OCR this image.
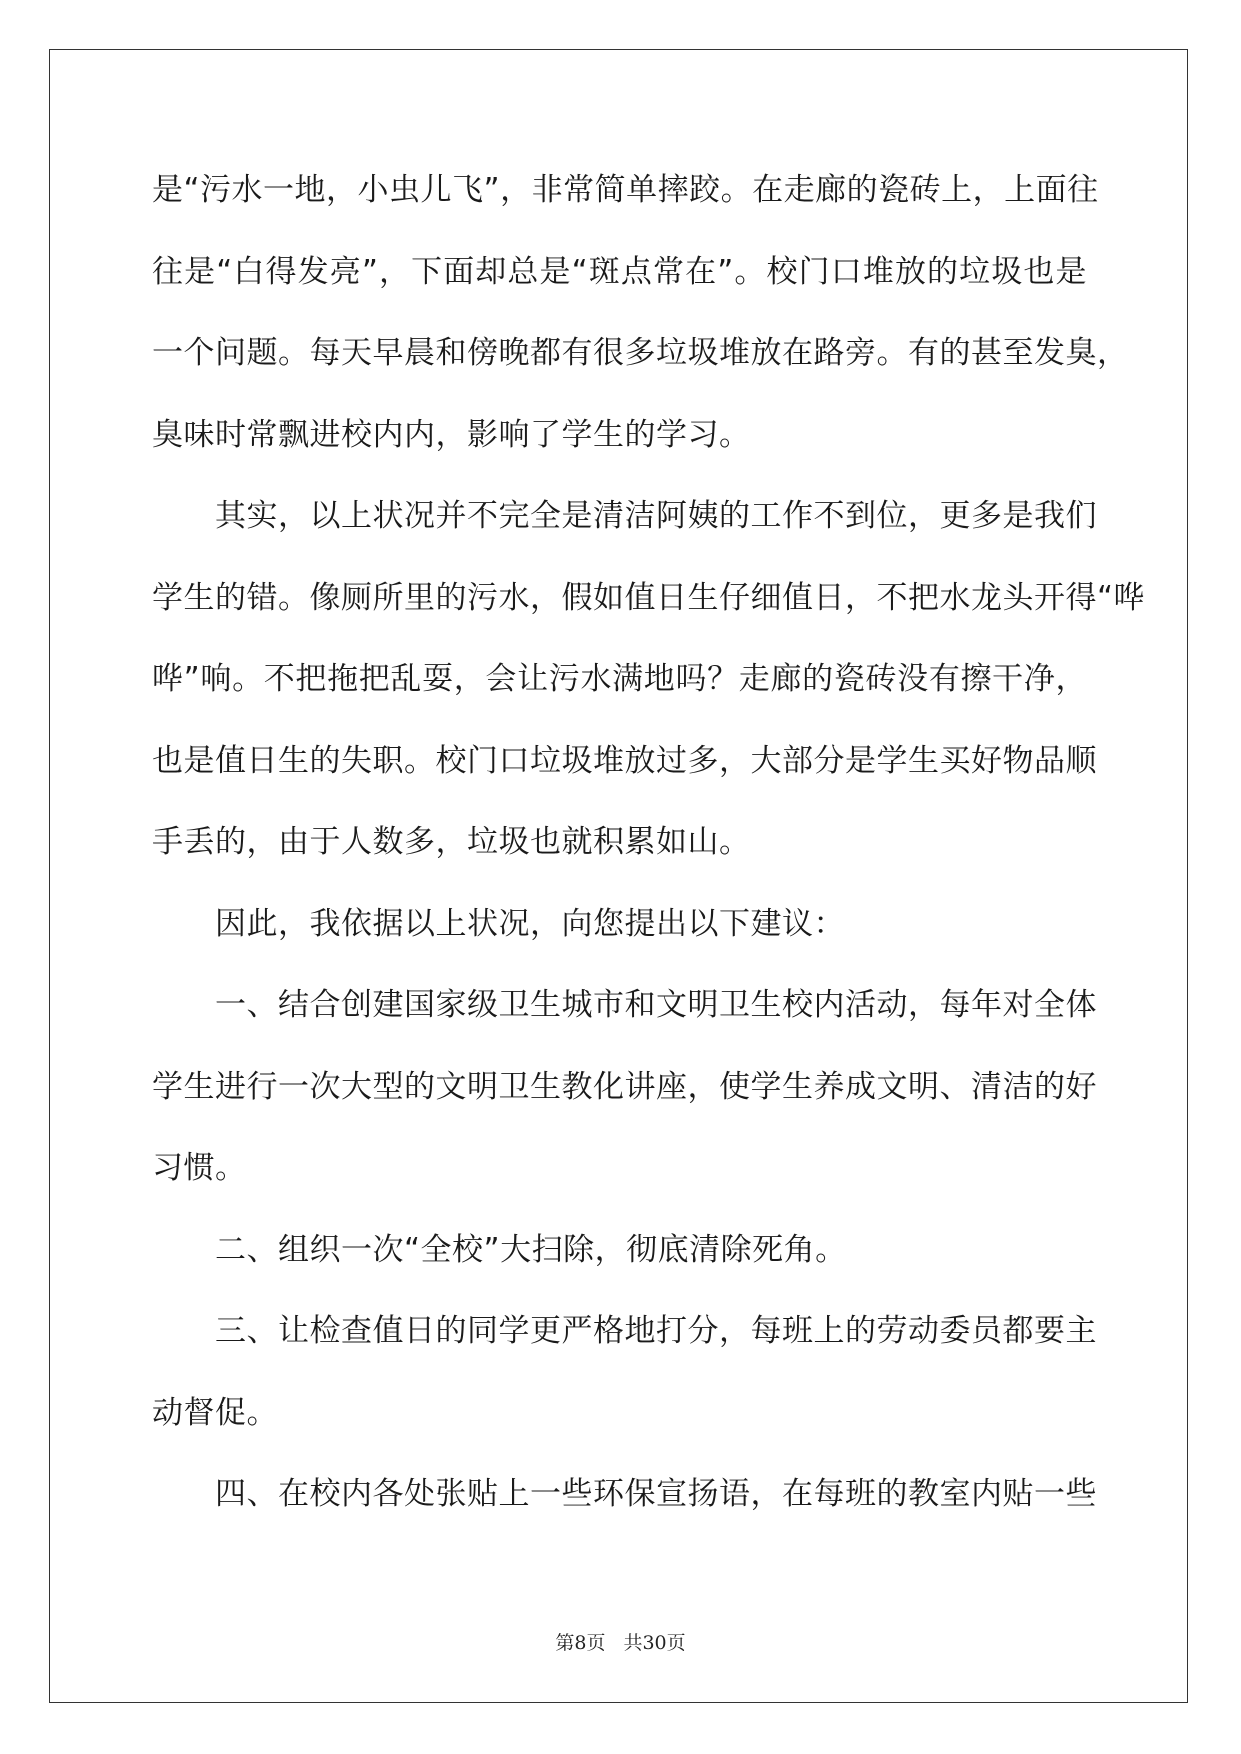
是“污水一地，小虫儿飞”，非常简单摔跤。在走廊的瓷砖上，上面往
往是“白得发亮”，下面却总是“斑点常在”。校门口堆放的垃圾也是
一个问题。每天早晨和傍晚都有很多垃圾堆放在路旁。有的甚至发臭，
臭味时常飘进校内内，影响了学生的学习。
其实，以上状况并不完全是清洁阿姨的工作不到位，更多是我们
学生的错。像厕所里的污水，假如值日生仔细值日，不把水龙头开得“哗
哗”响。不把拖把乱耍，会让污水满地吗？走廊的瓷砖没有擦干净，
也是值日生的失职。校门口垃圾堆放过多，大部分是学生买好物品顺
手丢的，由于人数多，垃圾也就积累如山。
因此，我依据以上状况，向您提出以下建议：
一、结合创建国家级卫生城市和文明卫生校内活动，每年对全体
学生进行一次大型的文明卫生教化讲座，使学生养成文明、清洁的好
习惯。
二、组织一次“全校”大扫除，彻底清除死角。
三、让检查值日的同学更严格地打分，每班上的劳动委员都要主
动督促。
四、在校内各处张贴上一些环保宣扬语，在每班的教室内贴一些
第8页 共30页
